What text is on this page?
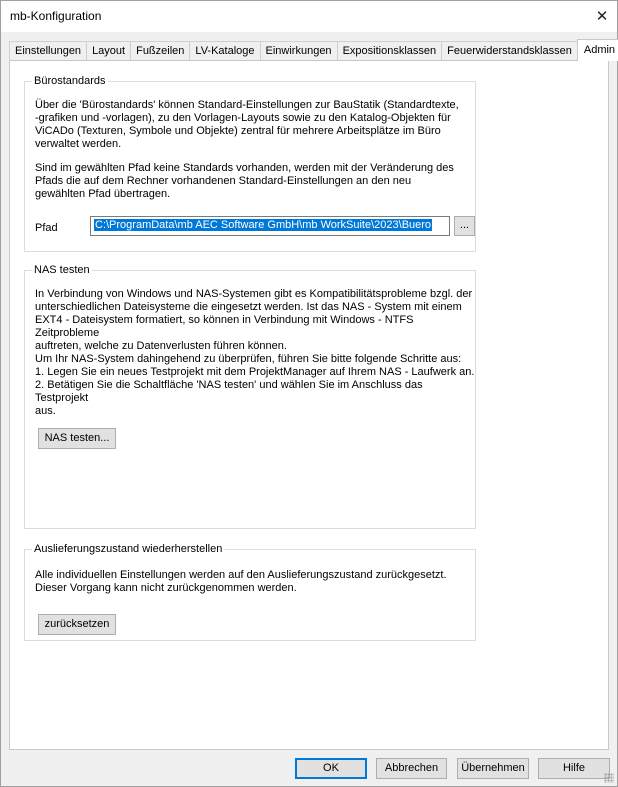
mb-Konfiguration	✕
Einstellungen	Layout	Fußzeilen	LV-Kataloge	Einwirkungen	Expositionsklassen	Feuerwiderstandsklassen	Admin
Bürostandards
Über die 'Bürostandards' können Standard-Einstellungen zur BauStatik (Standardtexte,
-grafiken und -vorlagen), zu den Vorlagen-Layouts sowie zu den Katalog-Objekten für
ViCADo (Texturen, Symbole und Objekte) zentral für mehrere Arbeitsplätze im Büro
verwaltet werden.
Sind im gewählten Pfad keine Standards vorhanden, werden mit der Veränderung des
Pfads die auf dem Rechner vorhandenen Standard-Einstellungen an den neu
gewählten Pfad übertragen.
Pfad	C:\ProgramData\mb AEC Software GmbH\mb WorkSuite\2023\Buero	...
NAS testen
In Verbindung von Windows und NAS-Systemen gibt es Kompatibilitätsprobleme bzgl. der
unterschiedlichen Dateisysteme die eingesetzt werden. Ist das NAS - System mit einem
EXT4 - Dateisystem formatiert, so können in Verbindung mit Windows - NTFS Zeitprobleme
auftreten, welche zu Datenverlusten führen können.
Um Ihr NAS-System dahingehend zu überprüfen, führen Sie bitte folgende Schritte aus:
1. Legen Sie ein neues Testprojekt mit dem ProjektManager auf Ihrem NAS - Laufwerk an.
2. Betätigen Sie die Schaltfläche 'NAS testen' und wählen Sie im Anschluss das Testprojekt
aus.
NAS testen...
Auslieferungszustand wiederherstellen
Alle individuellen Einstellungen werden auf den Auslieferungszustand zurückgesetzt.
Dieser Vorgang kann nicht zurückgenommen werden.
zurücksetzen
OK	Abbrechen	Übernehmen	Hilfe
